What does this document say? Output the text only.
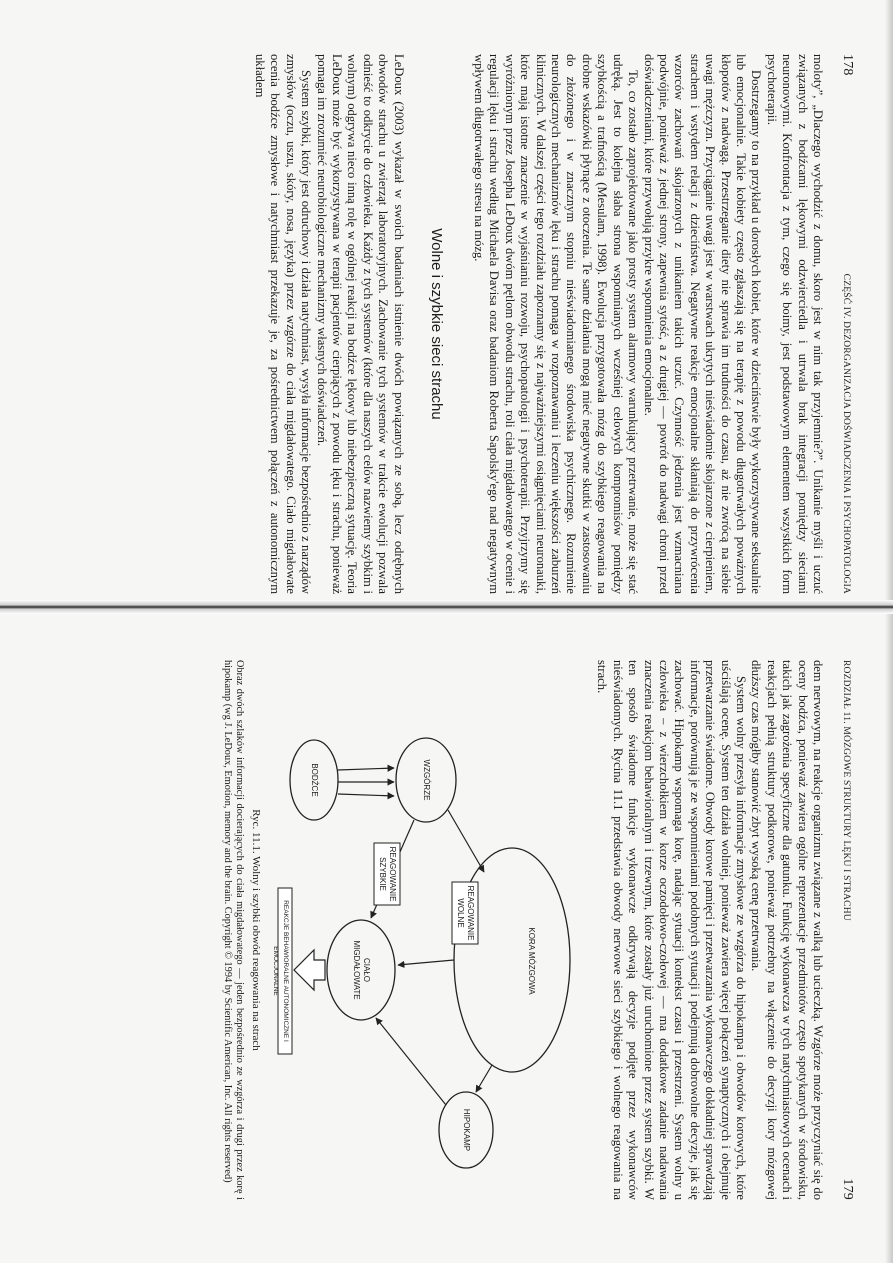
178
CZĘŚĆ IV. DEZORGANIZACJA DOŚWIADCZENIA I PSYCHOPATOLOGIA

moloty”, „Dlaczego wychodzić z domu, skoro jest w nim tak przyjemnie?”. Unikanie myśli i uczuć związanych z bodźcami lękowymi odzwierciedla i utrwala brak integracji pomiędzy sieciami neuronowymi. Konfrontacja z tym, czego się boimy, jest podstawowym elementem wszystkich form psychoterapii.

Dostrzegamy to na przykład u dorosłych kobiet, które w dzieciństwie były wykorzystywane seksualnie lub emocjonalnie. Takie kobiety często zgłaszają się na terapię z powodu długotrwałych poważnych kłopotów z nadwagą. Przestrzeganie diety nie sprawia im trudności do czasu, aż nie zwrócą na siebie uwagi mężczyzn. Przyciąganie uwagi jest w warstwach ukrytych nieświadomie skojarzone z cierpieniem, strachem i wstydem relacji z dzieciństwa. Negatywne reakcje emocjonalne skłaniają do przywrócenia wzorców zachowań skojarzonych z unikaniem takich uczuć. Czynność jedzenia jest wzmacniana podwójnie, ponieważ z jednej strony, zapewnia sytość, a z drugiej — powrót do nadwagi chroni przed doświadczeniami, które przywołują przykre wspomnienia emocjonalne.

To, co zostało zaprojektowane jako prosty system alarmowy warunkujący przetrwanie, może się stać udręką. Jest to kolejna słaba strona wspomnianych wcześniej celowych kompromisów pomiędzy szybkością a trafnością (Mesulam, 1998). Ewolucja przygotowała mózg do szybkiego reagowania na drobne wskazówki płynące z otoczenia. Te same działania mogą mieć negatywne skutki w zastosowaniu do złożonego i w znacznym stopniu nieświadomianego środowiska psychicznego. Rozumienie neurologicznych mechanizmów lęku i strachu pomaga w rozpoznawaniu i leczeniu większości zaburzeń klinicznych. W dalszej części tego rozdziału zapoznamy się z najważniejszymi osiągnięciami neuronauki, które mają istotne znaczenie w wyjaśnianiu rozwoju, psychopatologii i psychoterapii. Przyjrzymy się wyróżnionym przez Josepha LeDoux dwóm pętlom obwodu strachu, roli ciała migdałowatego w ocenie i regulacji lęku i strachu według Michaela Davisa oraz badaniom Roberta Sapolsky'ego nad negatywnym wpływem długotrwałego stresu na mózg.

Wolne i szybkie sieci strachu

LeDoux (2003) wykazał w swoich badaniach istnienie dwóch powiązanych ze sobą, lecz odrębnych obwodów strachu u zwierząt laboratoryjnych. Zachowanie tych systemów w trakcie ewolucji pozwala odnieść to odkrycie do człowieka. Każdy z tych systemów (które dla naszych celów nazwiemy szybkim i wolnym) odgrywa nieco inną rolę w ogólnej reakcji na bodźce lękowy lub niebezpieczną sytuację. Teoria LeDoux może być wykorzystywana w terapii pacjentów cierpiących z powodu lęku i strachu, ponieważ pomaga im zrozumieć neurobiologiczne mechanizmy własnych doświadczeń.

System szybki, który jest odruchowy i działa natychmiast, wysyła informacje bezpośrednio z narządów zmysłów (oczu, uszu, skóry, nosa, języka) przez wzgórze do ciała migdałowatego. Ciało migdałowate ocenia bodźce zmysłowe i natychmiast przekazuje je, za pośrednictwem połączeń z autonomicznym układem

ROZDZIAŁ 11. MÓZGOWE STRUKTURY LĘKU I STRACHU
179

dem nerwowym, na reakcje organizmu związane z walką lub ucieczką. Wzgórze może przyczyniać się do oceny bodźca, ponieważ zawiera ogólne reprezentacje przedmiotów często spotykanych w środowisku, takich jak zagrożenia specyficzne dla gatunku. Funkcję wykonawcza w tych natychmiastowych ocenach i reakcjach pełnią struktury podkorowe, ponieważ potrzebny na włączenie do decyzji kory mózgowej dłuższy czas mógłby stanowić zbyt wysoką cenę przetrwania.

System wolny przesyła informacje zmysłowe ze wzgórza do hipokampa i obwodów korowych, które uściślają ocenę. System ten działa wolniej, ponieważ zawiera więcej połączeń synaptycznych i obejmuje przetwarzanie świadome. Obwody korowe pamięci i przetwarzania wykonawczego dokładniej sprawdzają informacje, porównują je ze wspomnieniami podobnych sytuacji i podejmują dobrowolne decyzje, jak się zachować. Hipokamp wspomaga korę, nadając sytuacji kontekst czasu i przestrzeni. System wolny u człowieka – z wierzchołkiem w korze oczodołowo-czołowej — ma dodatkowe zadanie nadawania znaczenia reakcjom behawioralnym i trzewnym, które zostały już uruchomione przez system szybki. W ten sposób świadome funkcje wykonawcze odkrywają decyzje podjęte przez wykonawców nieświadomych. Rycina 11.1 przedstawia obwody nerwowe sieci szybkiego i wolnego reagowania na strach.

KORA MÓZGOWA
HIPOKAMP
REAGOWANIE WOLNE
WZGÓRZE
CIAŁO MIGDAŁOWATE
REAGOWANIE SZYBKIE
BODŹCE
REAKCJE BEHAWIORALNE AUTONOMICZNE I EMOCJONALNE
Ryc. 11.1. Wolny i szybki obwód reagowania na strach
Obraz dwóch szlaków informacji docierających do ciała migdałowatego — jeden bezpośrednio ze wzgórza i drugi przez korę i hipokamp (wg J. LeDoux, Emotion, memory and the brain. Copyright © 1994 by Scientific American, Inc. All rights reserved)
